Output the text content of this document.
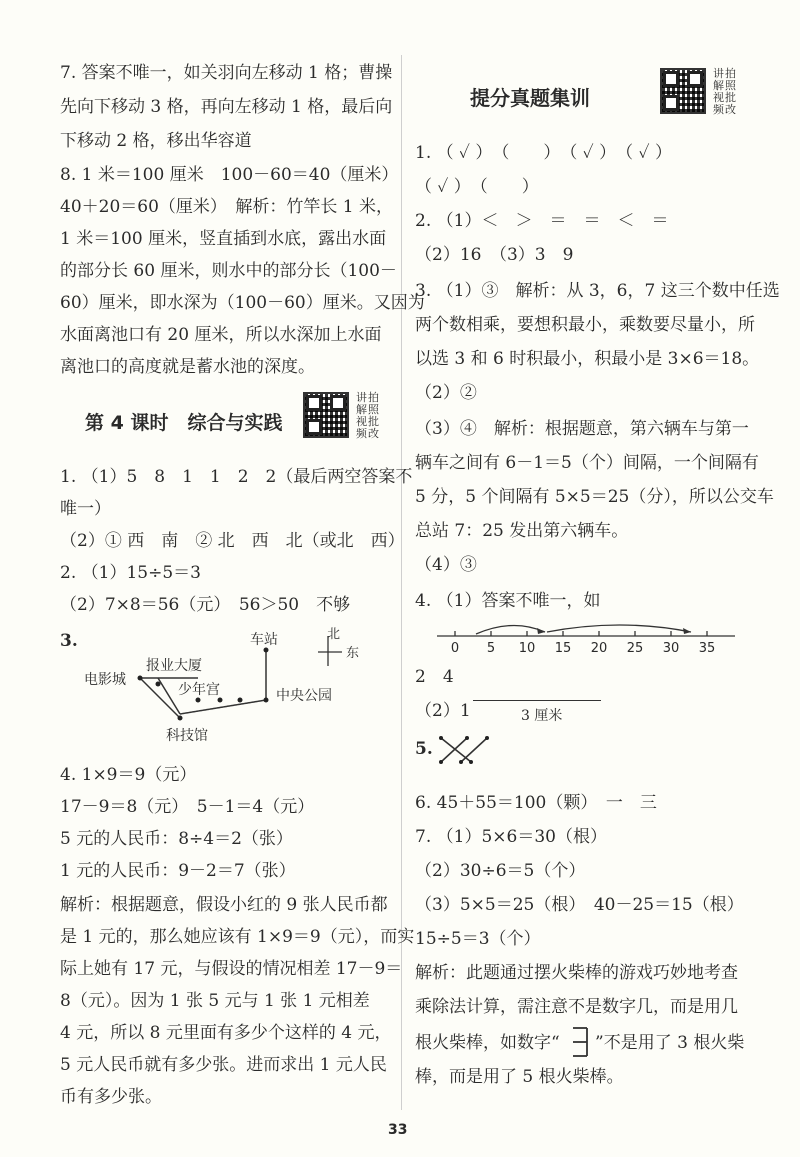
7. 答案不唯一，如关羽向左移动 1 格；曹操
先向下移动 3 格，再向左移动 1 格，最后向
下移动 2 格，移出华容道
8. 1 米＝100 厘米　100－60＝40（厘米）
40＋20＝60（厘米）　解析：竹竿长 1 米，
1 米＝100 厘米，竖直插到水底，露出水面
的部分长 60 厘米，则水中的部分长（100－
60）厘米，即水深为（100－60）厘米。又因为
水面离池口有 20 厘米，所以水深加上水面
离池口的高度就是蓄水池的深度。
第 4 课时　综合与实践
讲拍解照视批频改
1. （1）5　8　1　1　2　2（最后两空答案不
唯一）
（2）① 西　南　② 北　西　北（或北　西）
2. （1）15÷5＝3
（2）7×8＝56（元）　56＞50　不够
3.
电影城
报业大厦
少年宫
车站
中央公园
科技馆
北
东
4. 1×9＝9（元）
17－9＝8（元）　5－1＝4（元）
5 元的人民币：8÷4＝2（张）
1 元的人民币：9－2＝7（张）
解析：根据题意，假设小红的 9 张人民币都
是 1 元的，那么她应该有 1×9＝9（元），而实
际上她有 17 元，与假设的情况相差 17－9＝
8（元）。因为 1 张 5 元与 1 张 1 元相差
4 元，所以 8 元里面有多少个这样的 4 元，
5 元人民币就有多少张。进而求出 1 元人民
币有多少张。
提分真题集训
讲拍解照视批频改
1. （ ✓ ）　（　　）　（ ✓ ）　（ ✓ ）
（ ✓ ）　（　　）
2. （1）＜　＞　＝　＝　＜　＝
（2）16　（3）3　9
3. （1）③　解析：从 3，6，7 这三个数中任选
两个数相乘，要想积最小，乘数要尽量小，所
以选 3 和 6 时积最小，积最小是 3×6＝18。
（2）②
（3）④　解析：根据题意，第六辆车与第一
辆车之间有 6－1＝5（个）间隔，一个间隔有
5 分，5 个间隔有 5×5＝25（分），所以公交车
总站 7：25 发出第六辆车。
（4）③
4. （1）答案不唯一，如
0 5 10 15 20 25 30 35
2　4
（2）1	3 厘米
5.
6. 45＋55＝100（颗）　一　三
7. （1）5×6＝30（根）
（2）30÷6＝5（个）
（3）5×5＝25（根）　40－25＝15（根）
15÷5＝3（个）
解析：此题通过摆火柴棒的游戏巧妙地考查
乘除法计算，需注意不是数字几，而是用几
根火柴棒，如数字“ ”不是用了 3 根火柴
棒，而是用了 5 根火柴棒。
33
